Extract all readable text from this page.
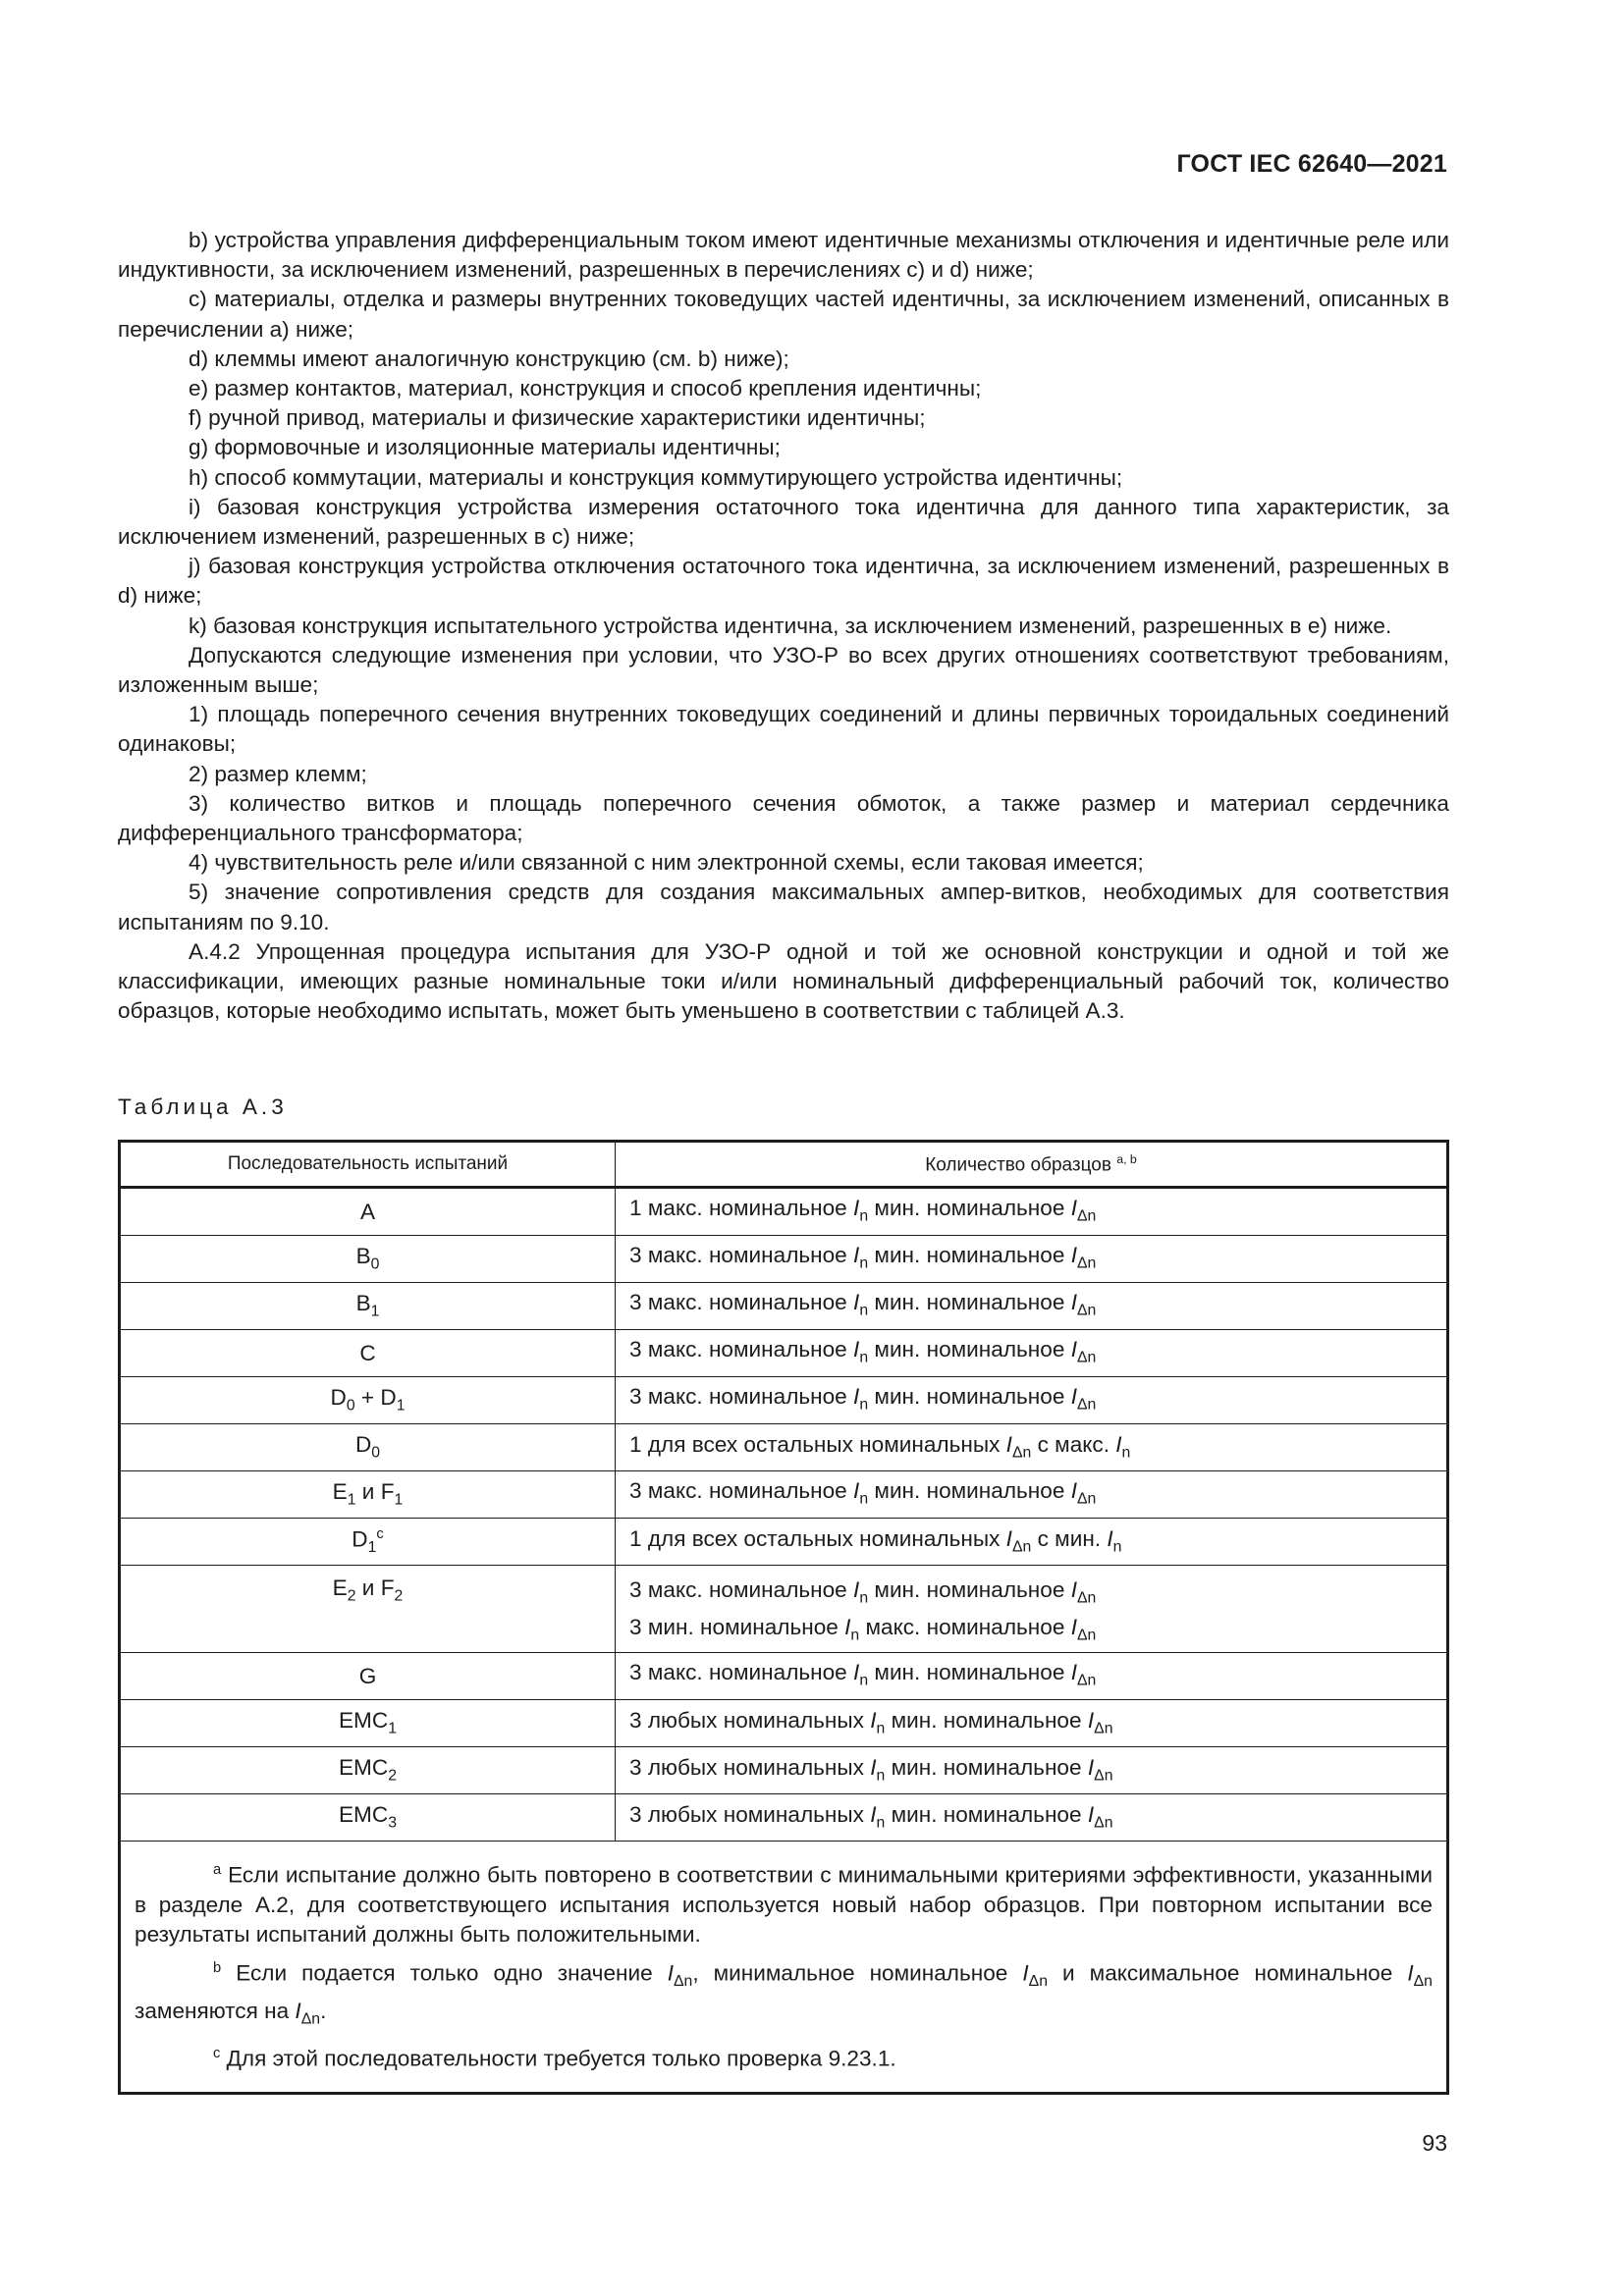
ГОСТ IEC 62640—2021

b) устройства управления дифференциальным током имеют идентичные механизмы отключения и идентичные реле или индуктивности, за исключением изменений, разрешенных в перечислениях с) и d) ниже;

c) материалы, отделка и размеры внутренних токоведущих частей идентичны, за исключением изменений, описанных в перечислении а) ниже;

d) клеммы имеют аналогичную конструкцию (см. b) ниже);

e) размер контактов, материал, конструкция и способ крепления идентичны;

f) ручной привод, материалы и физические характеристики идентичны;

g) формовочные и изоляционные материалы идентичны;

h) способ коммутации, материалы и конструкция коммутирующего устройства идентичны;

i) базовая конструкция устройства измерения остаточного тока идентична для данного типа характеристик, за исключением изменений, разрешенных в с) ниже;

j) базовая конструкция устройства отключения остаточного тока идентична, за исключением изменений, разрешенных в d) ниже;

k) базовая конструкция испытательного устройства идентична, за исключением изменений, разрешенных в e) ниже.

Допускаются следующие изменения при условии, что УЗО-Р во всех других отношениях соответствуют требованиям, изложенным выше;

1) площадь поперечного сечения внутренних токоведущих соединений и длины первичных тороидальных соединений одинаковы;

2) размер клемм;

3) количество витков и площадь поперечного сечения обмоток, а также размер и материал сердечника дифференциального трансформатора;

4) чувствительность реле и/или связанной с ним электронной схемы, если таковая имеется;

5) значение сопротивления средств для создания максимальных ампер-витков, необходимых для соответствия испытаниям по 9.10.

А.4.2 Упрощенная процедура испытания для УЗО-Р одной и той же основной конструкции и одной и той же классификации, имеющих разные номинальные токи и/или номинальный дифференциальный рабочий ток, количество образцов, которые необходимо испытать, может быть уменьшено в соответствии с таблицей А.3.

Таблица А.3
Последовательность испытаний	Количество образцов $^{a, b}$
A	1 макс. номинальное $I_n$ мин. номинальное $I_{\Delta n}$

$B_0$	3 макс. номинальное $I_n$ мин. номинальное $I_{\Delta n}$

$B_1$	3 макс. номинальное $I_n$ мин. номинальное $I_{\Delta n}$

C	3 макс. номинальное $I_n$ мин. номинальное $I_{\Delta n}$

$D_0 + D_1$	3 макс. номинальное $I_n$ мин. номинальное $I_{\Delta n}$

$D_0$	1 для всех остальных номинальных $I_{\Delta n}$ с макс. $I_n$
$E_1$ и $F_1$	3 макс. номинальное $I_n$ мин. номинальное $I_{\Delta n}$

$D_1^c$	1 для всех остальных номинальных $I_{\Delta n}$ с мин. $I_n$
$E_2$ и $F_2$	3 макс. номинальное $I_n$ мин. номинальное $I_{\Delta n}$
3 мин. номинальное $I_n$ макс. номинальное $I_{\Delta n}$

G	3 макс. номинальное $I_n$ мин. номинальное $I_{\Delta n}$

$EMC_1$	3 любых номинальных $I_n$ мин. номинальное $I_{\Delta n}$
$EMC_2$	3 любых номинальных $I_n$ мин. номинальное $I_{\Delta n}$
$EMC_3$	3 любых номинальных $I_n$ мин. номинальное $I_{\Delta n}$

$^a$ Если испытание должно быть повторено в соответствии с минимальными критериями эффективности, указанными в разделе А.2, для соответствующего испытания используется новый набор образцов. При повторном испытании все результаты испытаний должны быть положительными.

$^b$ Если подается только одно значение $I_{\Delta n}$, минимальное номинальное $I_{\Delta n}$ и максимальное номинальное $I_{\Delta n}$ заменяются на $I_{\Delta n}$.

$^c$ Для этой последовательности требуется только проверка 9.23.1.	

93
